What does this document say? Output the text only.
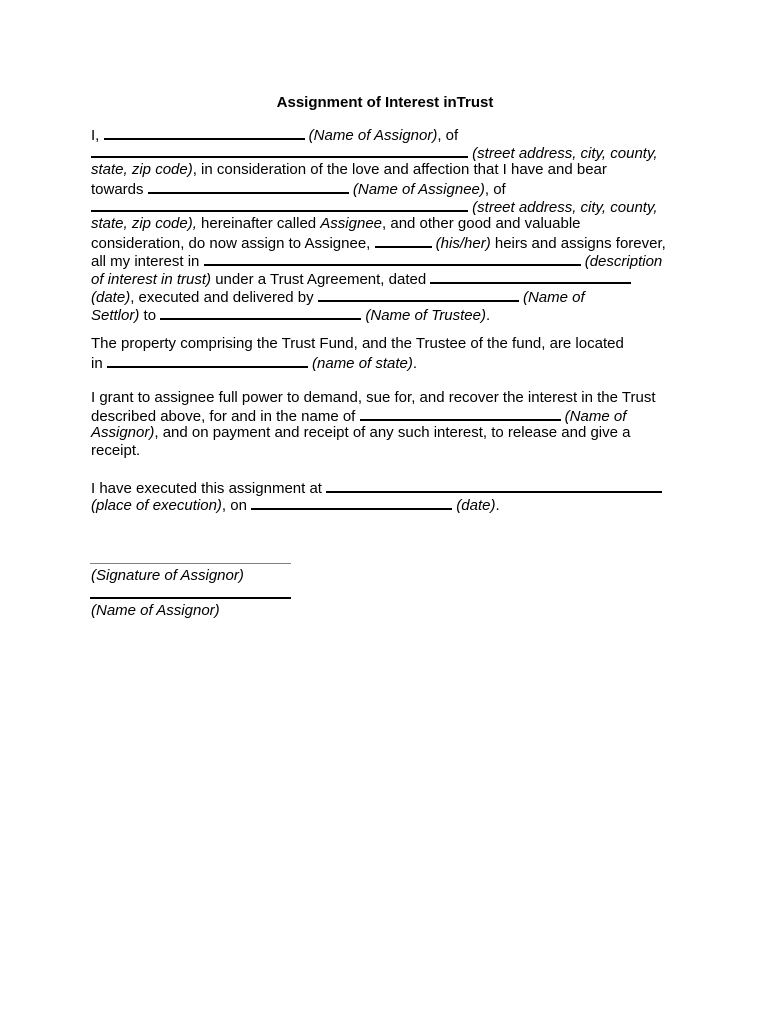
Assignment of Interest inTrust
I,	(Name of Assignor), of
(street address, city, county,
state, zip code), in consideration of the love and affection that I have and bear
towards	(Name of Assignee), of
(street address, city, county,
state, zip code), hereinafter called Assignee, and other good and valuable
consideration, do now assign to Assignee,	(his/her) heirs and assigns forever,
all my interest in	(description
of interest in trust) under a Trust Agreement, dated
(date), executed and delivered by	(Name of
Settlor) to	(Name of Trustee).
The property comprising the Trust Fund, and the Trustee of the fund, are located
in	(name of state).
I grant to assignee full power to demand, sue for, and recover the interest in the Trust
described above, for and in the name of	(Name of
Assignor), and on payment and receipt of any such interest, to release and give a
receipt.
I have executed this assignment at
(place of execution), on	(date).
(Signature of Assignor)
(Name of Assignor)
